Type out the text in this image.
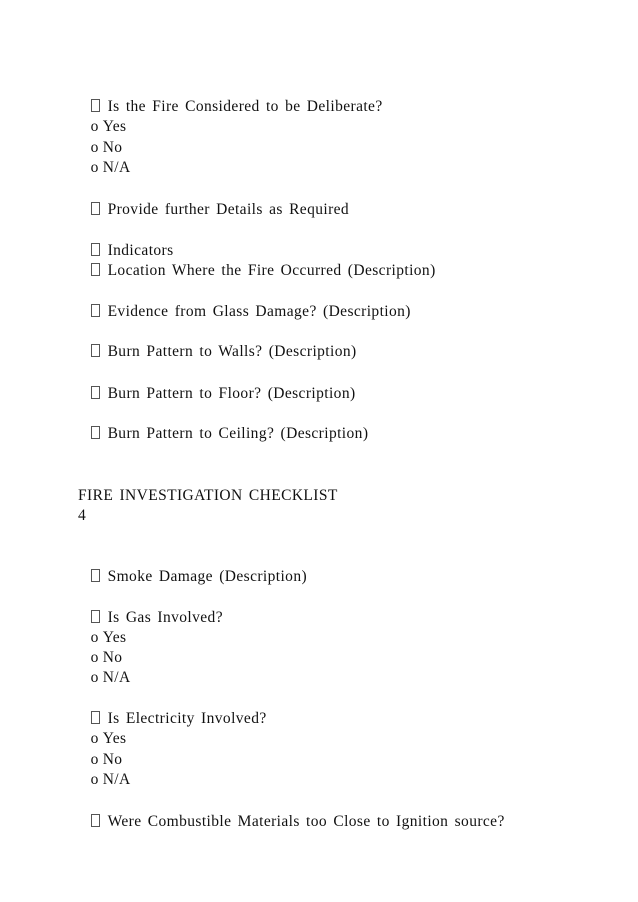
Is the Fire Considered to be Deliberate?

o Yes

o No

o N/A

Provide further Details as Required

Indicators

Location Where the Fire Occurred (Description)

Evidence from Glass Damage? (Description)

Burn Pattern to Walls? (Description)

Burn Pattern to Floor? (Description)

Burn Pattern to Ceiling? (Description)

FIRE INVESTIGATION CHECKLIST
4

Smoke Damage (Description)

Is Gas Involved?

o Yes

o No

o N/A

Is Electricity Involved?

o Yes

o No

o N/A

Were Combustible Materials too Close to Ignition source?
